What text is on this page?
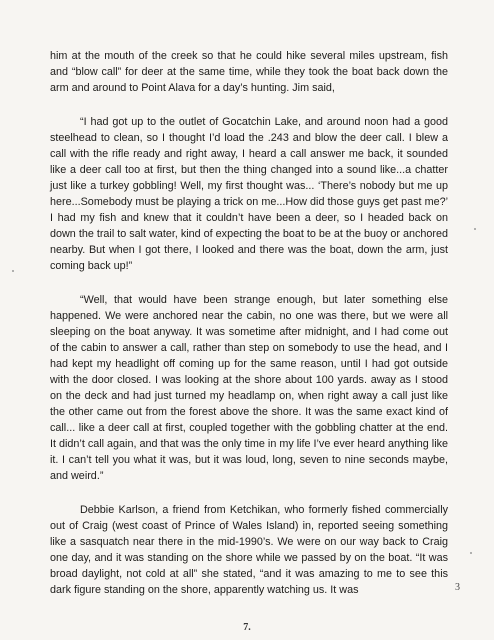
him at the mouth of the creek so that he could hike several miles upstream, fish and “blow call” for deer at the same time, while they took the boat back down the arm and around to Point Alava for a day’s hunting. Jim said,

“I had got up to the outlet of Gocatchin Lake, and around noon had a good steelhead to clean, so I thought I’d load the .243 and blow the deer call. I blew a call with the rifle ready and right away, I heard a call answer me back, it sounded like a deer call too at first, but then the thing changed into a sound like...a chatter just like a turkey gobbling! Well, my first thought was... ‘There’s nobody but me up here...Somebody must be playing a trick on me...How did those guys get past me?’ I had my fish and knew that it couldn’t have been a deer, so I headed back on down the trail to salt water, kind of expecting the boat to be at the buoy or anchored nearby. But when I got there, I looked and there was the boat, down the arm, just coming back up!”

“Well, that would have been strange enough, but later something else happened. We were anchored near the cabin, no one was there, but we were all sleeping on the boat anyway. It was sometime after midnight, and I had come out of the cabin to answer a call, rather than step on somebody to use the head, and I had kept my headlight off coming up for the same reason, until I had got outside with the door closed. I was looking at the shore about 100 yards. away as I stood on the deck and had just turned my headlamp on, when right away a call just like the other came out from the forest above the shore. It was the same exact kind of call... like a deer call at first, coupled together with the gobbling chatter at the end. It didn’t call again, and that was the only time in my life I’ve ever heard anything like it. I can’t tell you what it was, but it was loud, long, seven to nine seconds maybe, and weird.”

Debbie Karlson, a friend from Ketchikan, who formerly fished commercially out of Craig (west coast of Prince of Wales Island) in, reported seeing something like a sasquatch near there in the mid-1990’s. We were on our way back to Craig one day, and it was standing on the shore while we passed by on the boat. “It was broad daylight, not cold at all” she stated, “and it was amazing to me to see this dark figure standing on the shore, apparently watching us. It was	3
7.
